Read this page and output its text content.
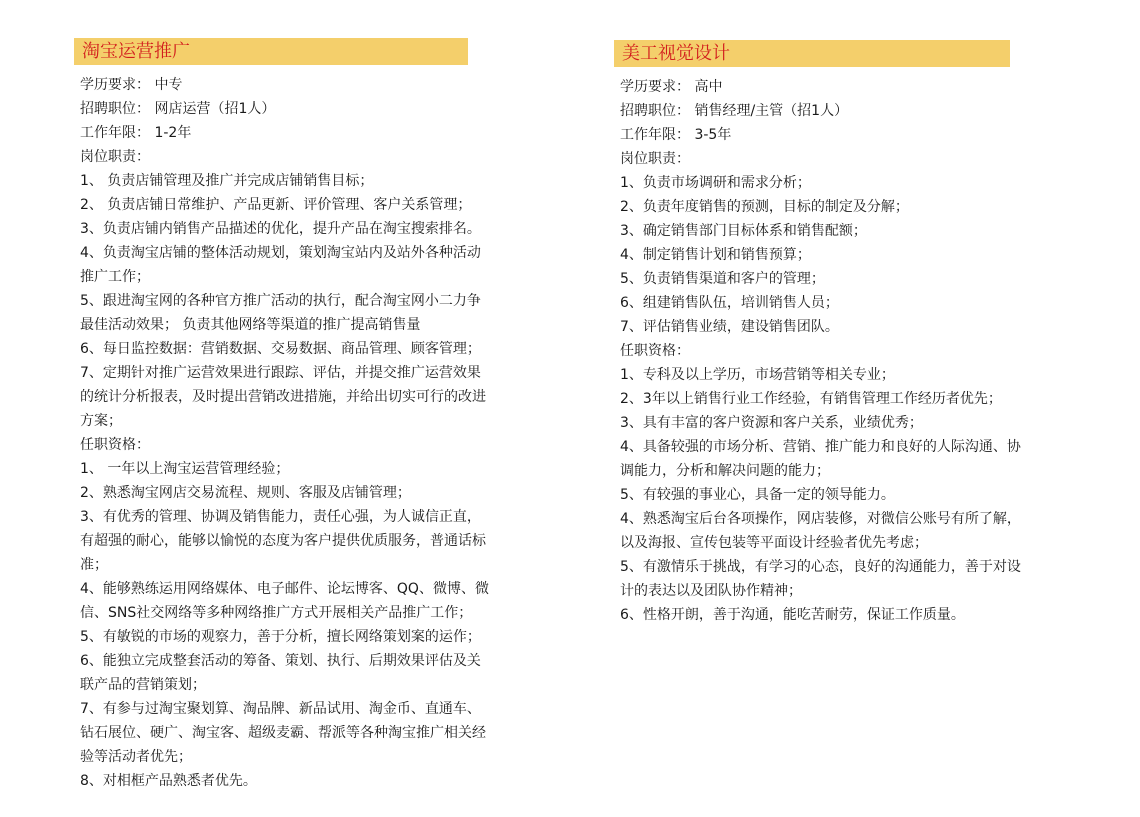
淘宝运营推广
学历要求： 中专
招聘职位： 网店运营（招1人）
工作年限： 1-2年
岗位职责：
1、 负责店铺管理及推广并完成店铺销售目标；
2、 负责店铺日常维护、产品更新、评价管理、客户关系管理；
3、负责店铺内销售产品描述的优化，提升产品在淘宝搜索排名。
4、负责淘宝店铺的整体活动规划，策划淘宝站内及站外各种活动
推广工作；
5、跟进淘宝网的各种官方推广活动的执行，配合淘宝网小二力争
最佳活动效果； 负责其他网络等渠道的推广提高销售量
6、每日监控数据：营销数据、交易数据、商品管理、顾客管理；
7、定期针对推广运营效果进行跟踪、评估，并提交推广运营效果
的统计分析报表，及时提出营销改进措施，并给出切实可行的改进
方案；
任职资格：
1、 一年以上淘宝运营管理经验；
2、熟悉淘宝网店交易流程、规则、客服及店铺管理；
3、有优秀的管理、协调及销售能力，责任心强，为人诚信正直，
有超强的耐心，能够以愉悦的态度为客户提供优质服务，普通话标
准；
4、能够熟练运用网络媒体、电子邮件、论坛博客、QQ、微博、微
信、SNS社交网络等多种网络推广方式开展相关产品推广工作；
5、有敏锐的市场的观察力，善于分析，擅长网络策划案的运作；
6、能独立完成整套活动的筹备、策划、执行、后期效果评估及关
联产品的营销策划；
7、有参与过淘宝聚划算、淘品牌、新品试用、淘金币、直通车、
钻石展位、硬广、淘宝客、超级麦霸、帮派等各种淘宝推广相关经
验等活动者优先；
8、对相框产品熟悉者优先。
美工视觉设计
学历要求： 高中
招聘职位： 销售经理/主管（招1人）
工作年限： 3-5年
岗位职责：
1、负责市场调研和需求分析；
2、负责年度销售的预测，目标的制定及分解；
3、确定销售部门目标体系和销售配额；
4、制定销售计划和销售预算；
5、负责销售渠道和客户的管理；
6、组建销售队伍，培训销售人员；
7、评估销售业绩，建设销售团队。
任职资格：
1、专科及以上学历，市场营销等相关专业；
2、3年以上销售行业工作经验，有销售管理工作经历者优先；
3、具有丰富的客户资源和客户关系，业绩优秀；
4、具备较强的市场分析、营销、推广能力和良好的人际沟通、协
调能力，分析和解决问题的能力；
5、有较强的事业心，具备一定的领导能力。
4、熟悉淘宝后台各项操作，网店装修，对微信公账号有所了解，
以及海报、宣传包装等平面设计经验者优先考虑；
5、有激情乐于挑战，有学习的心态，良好的沟通能力，善于对设
计的表达以及团队协作精神；
6、性格开朗，善于沟通，能吃苦耐劳，保证工作质量。
